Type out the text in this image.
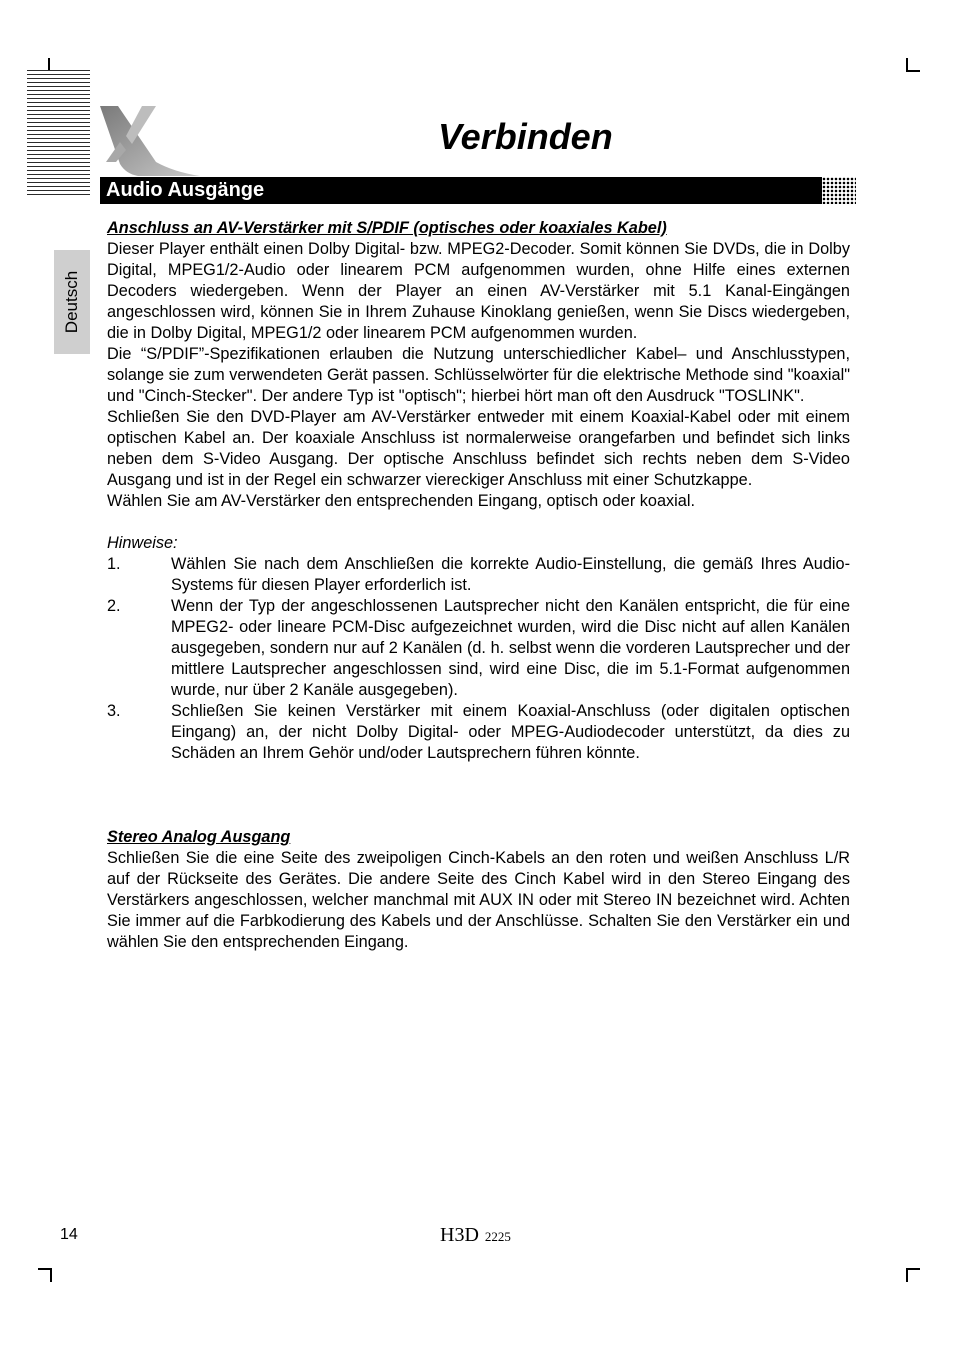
Verbinden
Audio Ausgänge
Deutsch

Anschluss an AV-Verstärker mit S/PDIF (optisches oder koaxiales Kabel)

Dieser Player enthält einen Dolby Digital- bzw. MPEG2-Decoder. Somit können Sie DVDs, die in Dolby Digital, MPEG1/2-Audio oder linearem PCM aufgenommen wurden, ohne Hilfe eines externen Decoders wiedergeben. Wenn der Player an einen AV-Verstärker mit 5.1 Kanal-Eingängen angeschlossen wird, können Sie in Ihrem Zuhause Kinoklang genießen, wenn Sie Discs wiedergeben, die in Dolby Digital, MPEG1/2 oder linearem PCM aufgenommen wurden.

Die “S/PDIF”-Spezifikationen erlauben die Nutzung unterschiedlicher Kabel– und Anschlusstypen, solange sie zum verwendeten Gerät passen. Schlüsselwörter für die elektrische Methode sind "koaxial" und "Cinch-Stecker". Der andere Typ ist "optisch"; hierbei hört man oft den Ausdruck "TOSLINK".

Schließen Sie den DVD-Player am AV-Verstärker entweder mit einem Koaxial-Kabel oder mit einem optischen Kabel an. Der koaxiale Anschluss ist normalerweise orangefarben und befindet sich links neben dem S-Video Ausgang. Der optische Anschluss befindet sich rechts neben dem S-Video Ausgang und ist in der Regel ein schwarzer viereckiger Anschluss mit einer Schutzkappe.

Wählen Sie am AV-Verstärker den entsprechenden Eingang, optisch oder koaxial.

Hinweise:

1.	Wählen Sie nach dem Anschließen die korrekte Audio-Einstellung, die gemäß Ihres Audio-Systems für diesen Player erforderlich ist.
2.	Wenn der Typ der angeschlossenen Lautsprecher nicht den Kanälen entspricht, die für eine MPEG2- oder lineare PCM-Disc aufgezeichnet wurden, wird die Disc nicht auf allen Kanälen ausgegeben, sondern nur auf 2 Kanälen (d. h. selbst wenn die vorderen Lautsprecher und der mittlere Lautsprecher angeschlossen sind, wird eine Disc, die im 5.1-Format aufgenommen wurde, nur über 2 Kanäle ausgegeben).
3.	Schließen Sie keinen Verstärker mit einem Koaxial-Anschluss (oder digitalen optischen Eingang) an, der nicht Dolby Digital- oder MPEG-Audiodecoder unterstützt, da dies zu Schäden an Ihrem Gehör und/oder Lautsprechern führen könnte.

Stereo Analog Ausgang

Schließen Sie die eine Seite des zweipoligen Cinch-Kabels an den roten und weißen Anschluss L/R auf der Rückseite des Gerätes. Die andere Seite des Cinch Kabel wird in den Stereo Eingang des Verstärkers angeschlossen, welcher manchmal mit AUX IN oder mit Stereo IN bezeichnet wird. Achten Sie immer auf die Farbkodierung des Kabels und der Anschlüsse. Schalten Sie den Verstärker ein und wählen Sie den entsprechenden Eingang.

14	H3D 2225
